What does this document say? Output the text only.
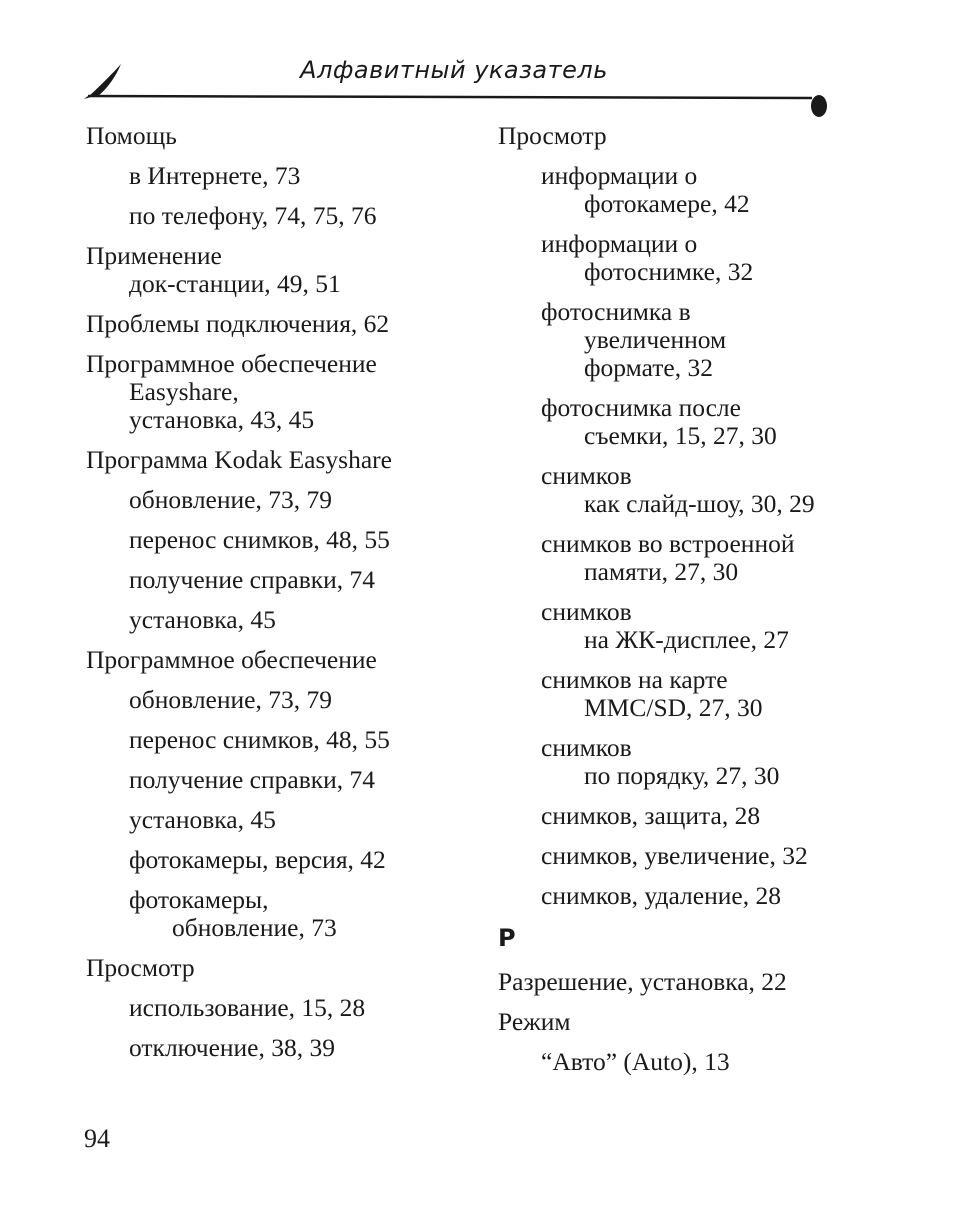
Алфавитный указатель
Помощь
в Интернете, 73
по телефону, 74, 75, 76
Применение
док-станции, 49, 51
Проблемы подключения, 62
Программное обеспечение
Easyshare,
установка, 43, 45
Программа Kodak Easyshare
обновление, 73, 79
перенос снимков, 48, 55
получение справки, 74
установка, 45
Программное обеспечение
обновление, 73, 79
перенос снимков, 48, 55
получение справки, 74
установка, 45
фотокамеры, версия, 42
фотокамеры,
обновление, 73
Просмотр
использование, 15, 28
отключение, 38, 39
Просмотр
информации о
фотокамере, 42
информации о
фотоснимке, 32
фотоснимка в
увеличенном
формате, 32
фотоснимка после
съемки, 15, 27, 30
снимков
как слайд-шоу, 30, 29
снимков во встроенной
памяти, 27, 30
снимков
на ЖК-дисплее, 27
снимков на карте
MMC/SD, 27, 30
снимков
по порядку, 27, 30
снимков, защита, 28
снимков, увеличение, 32
снимков, удаление, 28
Р
Разрешение, установка, 22
Режим
“Авто” (Auto), 13
94
